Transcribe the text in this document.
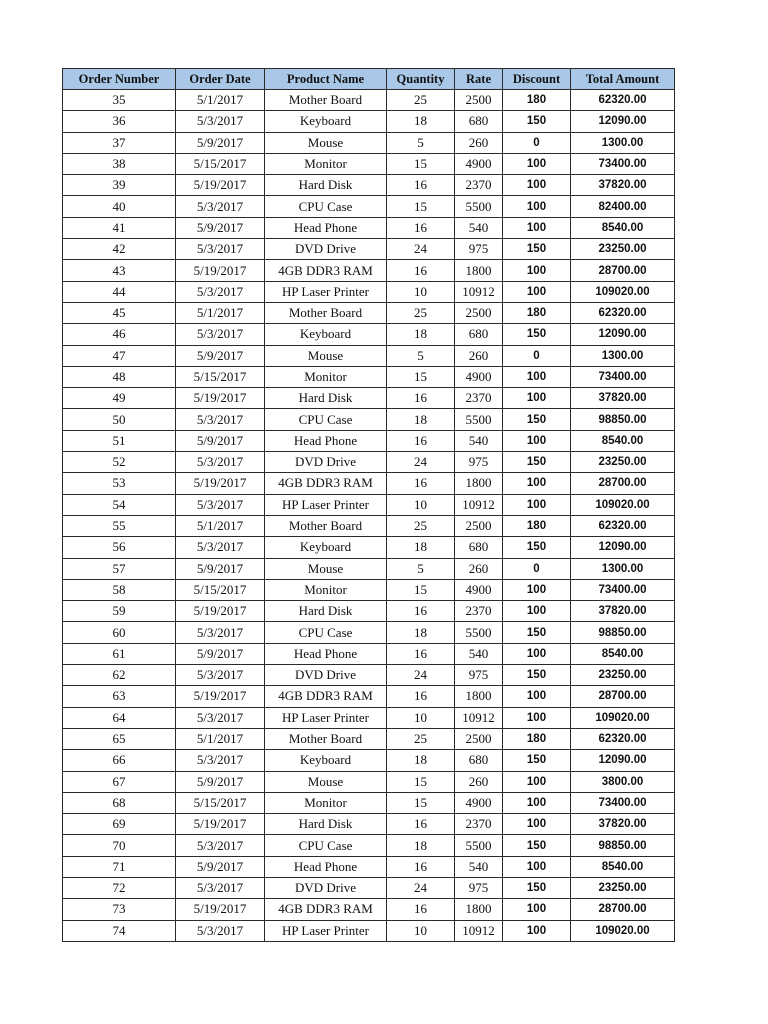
Order Number	Order Date	Product Name	Quantity	Rate	Discount	Total Amount
35	5/1/2017	Mother Board	25	2500	180	62320.00
36	5/3/2017	Keyboard	18	680	150	12090.00
37	5/9/2017	Mouse	5	260	0	1300.00
38	5/15/2017	Monitor	15	4900	100	73400.00
39	5/19/2017	Hard Disk	16	2370	100	37820.00
40	5/3/2017	CPU Case	15	5500	100	82400.00
41	5/9/2017	Head Phone	16	540	100	8540.00
42	5/3/2017	DVD Drive	24	975	150	23250.00
43	5/19/2017	4GB DDR3 RAM	16	1800	100	28700.00
44	5/3/2017	HP Laser Printer	10	10912	100	109020.00
45	5/1/2017	Mother Board	25	2500	180	62320.00
46	5/3/2017	Keyboard	18	680	150	12090.00
47	5/9/2017	Mouse	5	260	0	1300.00
48	5/15/2017	Monitor	15	4900	100	73400.00
49	5/19/2017	Hard Disk	16	2370	100	37820.00
50	5/3/2017	CPU Case	18	5500	150	98850.00
51	5/9/2017	Head Phone	16	540	100	8540.00
52	5/3/2017	DVD Drive	24	975	150	23250.00
53	5/19/2017	4GB DDR3 RAM	16	1800	100	28700.00
54	5/3/2017	HP Laser Printer	10	10912	100	109020.00
55	5/1/2017	Mother Board	25	2500	180	62320.00
56	5/3/2017	Keyboard	18	680	150	12090.00
57	5/9/2017	Mouse	5	260	0	1300.00
58	5/15/2017	Monitor	15	4900	100	73400.00
59	5/19/2017	Hard Disk	16	2370	100	37820.00
60	5/3/2017	CPU Case	18	5500	150	98850.00
61	5/9/2017	Head Phone	16	540	100	8540.00
62	5/3/2017	DVD Drive	24	975	150	23250.00
63	5/19/2017	4GB DDR3 RAM	16	1800	100	28700.00
64	5/3/2017	HP Laser Printer	10	10912	100	109020.00
65	5/1/2017	Mother Board	25	2500	180	62320.00
66	5/3/2017	Keyboard	18	680	150	12090.00
67	5/9/2017	Mouse	15	260	100	3800.00
68	5/15/2017	Monitor	15	4900	100	73400.00
69	5/19/2017	Hard Disk	16	2370	100	37820.00
70	5/3/2017	CPU Case	18	5500	150	98850.00
71	5/9/2017	Head Phone	16	540	100	8540.00
72	5/3/2017	DVD Drive	24	975	150	23250.00
73	5/19/2017	4GB DDR3 RAM	16	1800	100	28700.00
74	5/3/2017	HP Laser Printer	10	10912	100	109020.00
